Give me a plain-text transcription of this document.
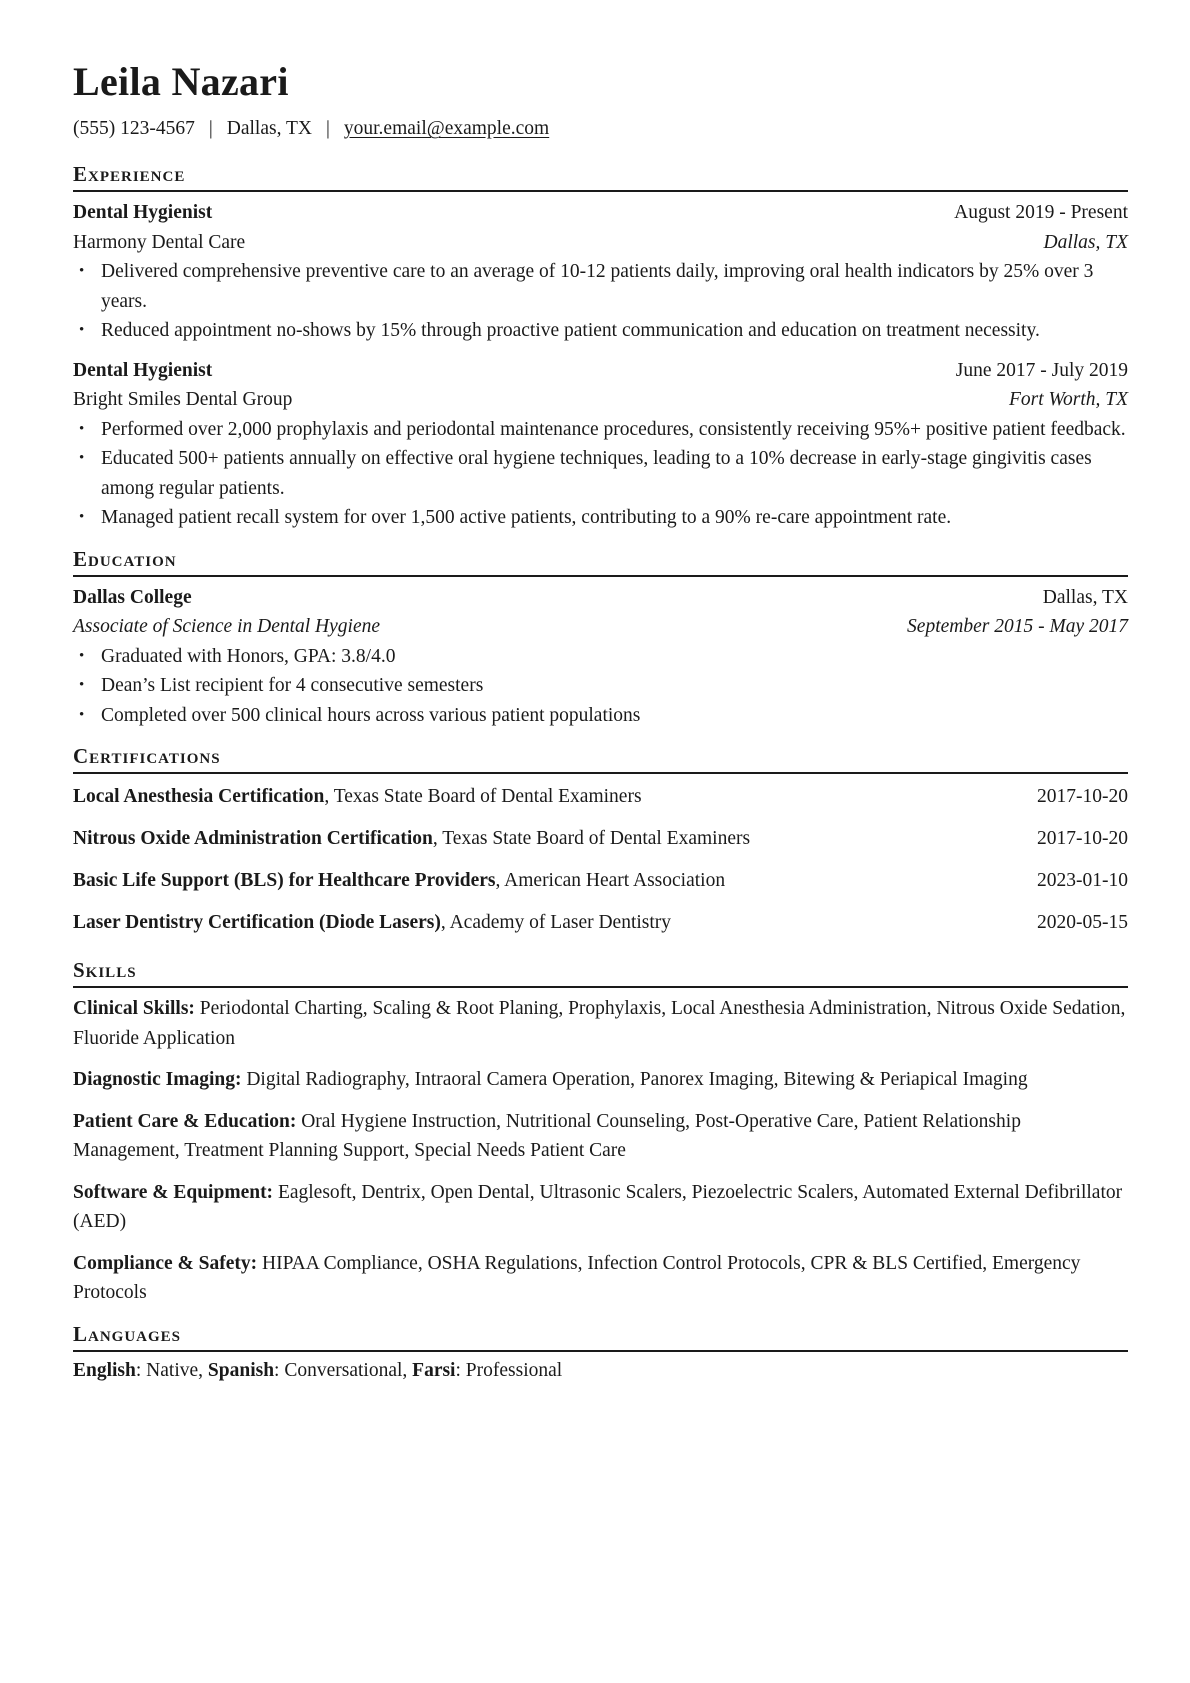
Leila Nazari
(555) 123-4567 | Dallas, TX | your.email@example.com
Experience
Dental Hygienist	August 2019 - Present
Harmony Dental Care	Dallas, TX
• Delivered comprehensive preventive care to an average of 10-12 patients daily, improving oral health indicators by 25% over 3 years.
• Reduced appointment no-shows by 15% through proactive patient communication and education on treatment necessity.
Dental Hygienist	June 2017 - July 2019
Bright Smiles Dental Group	Fort Worth, TX
• Performed over 2,000 prophylaxis and periodontal maintenance procedures, consistently receiving 95%+ positive patient feedback.
• Educated 500+ patients annually on effective oral hygiene techniques, leading to a 10% decrease in early-stage gingivitis cases among regular patients.
• Managed patient recall system for over 1,500 active patients, contributing to a 90% re-care appointment rate.
Education
Dallas College	Dallas, TX
Associate of Science in Dental Hygiene	September 2015 - May 2017
• Graduated with Honors, GPA: 3.8/4.0
• Dean’s List recipient for 4 consecutive semesters
• Completed over 500 clinical hours across various patient populations
Certifications
Local Anesthesia Certification, Texas State Board of Dental Examiners	2017-10-20
Nitrous Oxide Administration Certification, Texas State Board of Dental Examiners	2017-10-20
Basic Life Support (BLS) for Healthcare Providers, American Heart Association	2023-01-10
Laser Dentistry Certification (Diode Lasers), Academy of Laser Dentistry	2020-05-15
Skills
Clinical Skills: Periodontal Charting, Scaling & Root Planing, Prophylaxis, Local Anesthesia Administration, Nitrous Oxide Sedation, Fluoride Application
Diagnostic Imaging: Digital Radiography, Intraoral Camera Operation, Panorex Imaging, Bitewing & Periapical Imaging
Patient Care & Education: Oral Hygiene Instruction, Nutritional Counseling, Post-Operative Care, Patient Relationship Management, Treatment Planning Support, Special Needs Patient Care
Software & Equipment: Eaglesoft, Dentrix, Open Dental, Ultrasonic Scalers, Piezoelectric Scalers, Automated External Defibrillator (AED)
Compliance & Safety: HIPAA Compliance, OSHA Regulations, Infection Control Protocols, CPR & BLS Certified, Emergency Protocols
Languages
English: Native, Spanish: Conversational, Farsi: Professional
